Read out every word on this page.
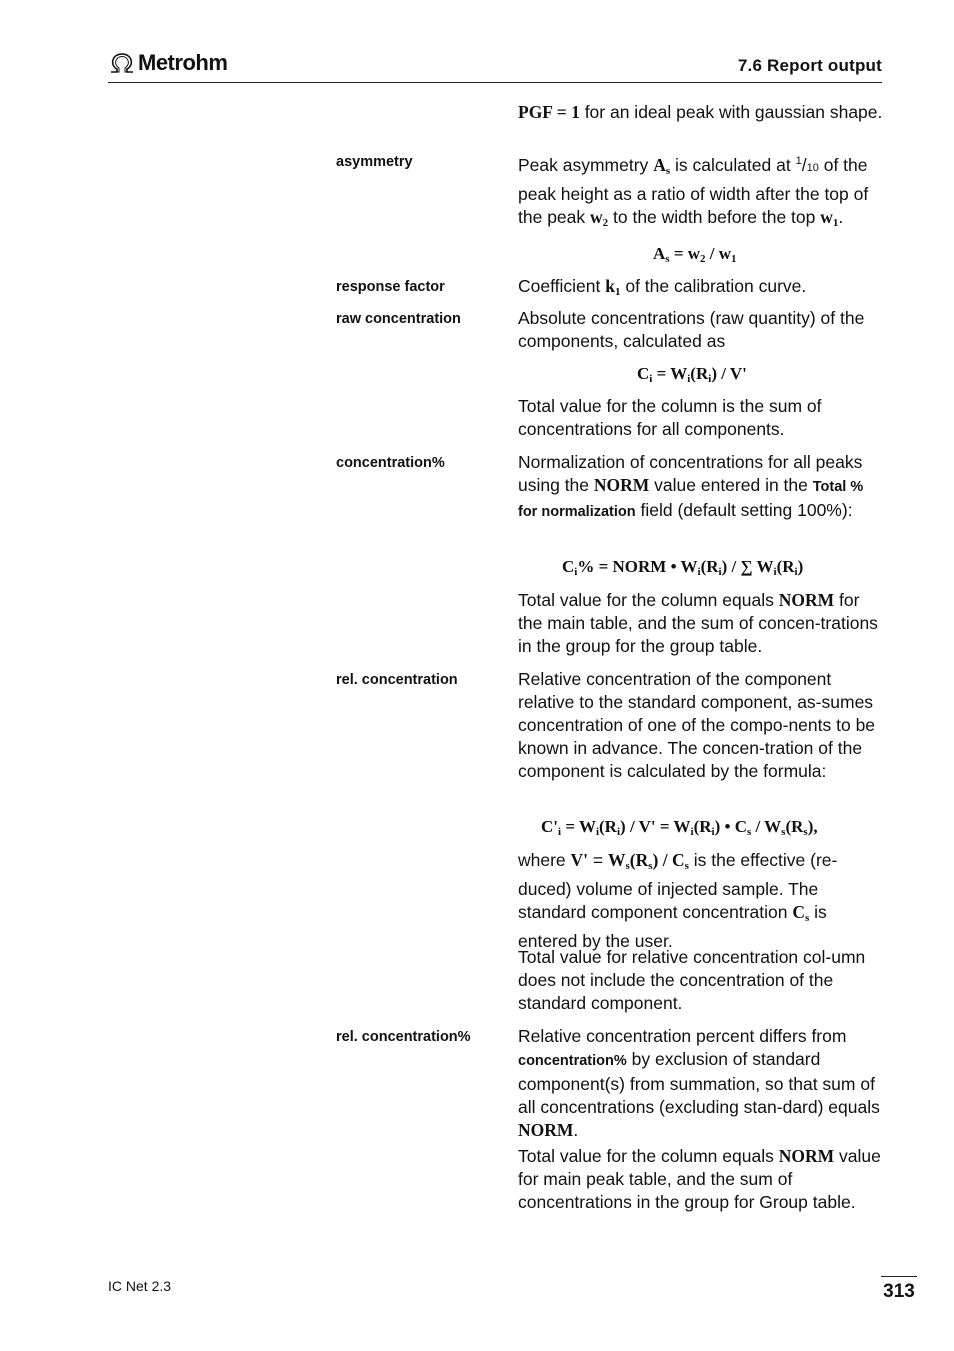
Metrohm	7.6 Report output

PGF = 1 for an ideal peak with gaussian shape.

asymmetry	Peak asymmetry $A_s$ is calculated at $^1$/10 of the peak height as a ratio of width after the top of the peak $w_2$ to the width before the top $w_1$.

$A_s = w_2 / w_1$
response factor	Coefficient $k_1$ of the calibration curve.

raw concentration	Absolute concentrations (raw quantity) of the components, calculated as
$C_i = W_i(R_i) / V'$
Total value for the column is the sum of concentrations for all components.
concentration%	Normalization of concentrations for all peaks using the NORM value entered in the Total % for normalization field (default setting 100%):

$C_i\%$ = NORM • $W_i(R_i)$ / ∑ $W_i(R_i)$

Total value for the column equals NORM for the main table, and the sum of concen-trations in the group for the group table.

rel. concentration	Relative concentration of the component relative to the standard component, as-sumes concentration of one of the compo-nents to be known in advance. The concen-tration of the component is calculated by the formula:
$C'_i = W_i(R_i) / V' = W_i(R_i)$ • $C_s / W_s(R_s)$,

where $V' = W_s(R_s) / C_s$ is the effective (re-duced) volume of injected sample. The standard component concentration $C_s$ is entered by the user.

Total value for relative concentration col-umn does not include the concentration of the standard component.
rel. concentration%	Relative concentration percent differs from concentration% by exclusion of standard component(s) from summation, so that sum of all concentrations (excluding stan-dard) equals NORM.

Total value for the column equals NORM value for main peak table, and the sum of concentrations in the group for Group table.

IC Net 2.3	313
